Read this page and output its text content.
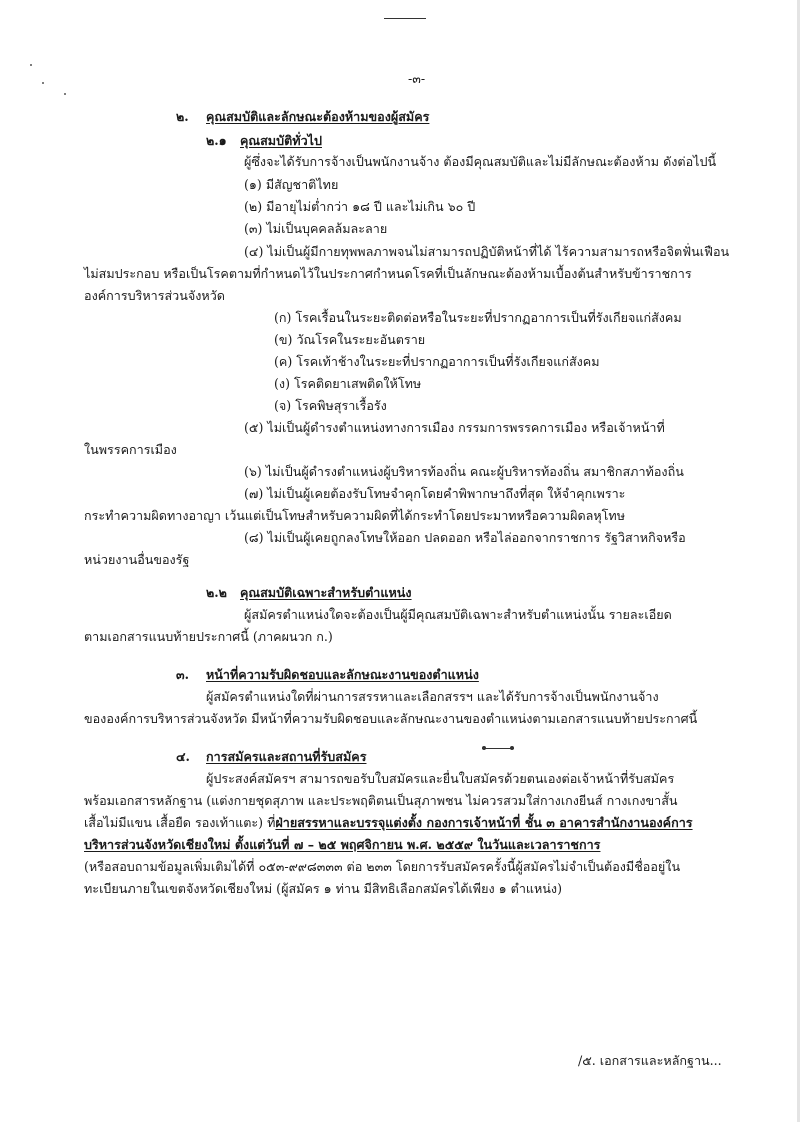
-๓-
๒. คุณสมบัติและลักษณะต้องห้ามของผู้สมัคร
๒.๑ คุณสมบัติทั่วไป
ผู้ซึ่งจะได้รับการจ้างเป็นพนักงานจ้าง ต้องมีคุณสมบัติและไม่มีลักษณะต้องห้าม ดังต่อไปนี้
(๑) มีสัญชาติไทย
(๒) มีอายุไม่ต่ำกว่า ๑๘ ปี และไม่เกิน ๖๐ ปี
(๓) ไม่เป็นบุคคลล้มละลาย
(๔) ไม่เป็นผู้มีกายทุพพลภาพจนไม่สามารถปฏิบัติหน้าที่ได้ ไร้ความสามารถหรือจิตฟั่นเฟือน
ไม่สมประกอบ หรือเป็นโรคตามที่กำหนดไว้ในประกาศกำหนดโรคที่เป็นลักษณะต้องห้ามเบื้องต้นสำหรับข้าราชการ
องค์การบริหารส่วนจังหวัด
(ก) โรคเรื้อนในระยะติดต่อหรือในระยะที่ปรากฏอาการเป็นที่รังเกียจแก่สังคม
(ข) วัณโรคในระยะอันตราย
(ค) โรคเท้าช้างในระยะที่ปรากฏอาการเป็นที่รังเกียจแก่สังคม
(ง) โรคติดยาเสพติดให้โทษ
(จ) โรคพิษสุราเรื้อรัง
(๕) ไม่เป็นผู้ดำรงตำแหน่งทางการเมือง กรรมการพรรคการเมือง หรือเจ้าหน้าที่
ในพรรคการเมือง
(๖) ไม่เป็นผู้ดำรงตำแหน่งผู้บริหารท้องถิ่น คณะผู้บริหารท้องถิ่น สมาชิกสภาท้องถิ่น
(๗) ไม่เป็นผู้เคยต้องรับโทษจำคุกโดยคำพิพากษาถึงที่สุด ให้จำคุกเพราะ
กระทำความผิดทางอาญา เว้นแต่เป็นโทษสำหรับความผิดที่ได้กระทำโดยประมาทหรือความผิดลหุโทษ
(๘) ไม่เป็นผู้เคยถูกลงโทษให้ออก ปลดออก หรือไล่ออกจากราชการ รัฐวิสาหกิจหรือ
หน่วยงานอื่นของรัฐ
๒.๒ คุณสมบัติเฉพาะสำหรับตำแหน่ง
ผู้สมัครตำแหน่งใดจะต้องเป็นผู้มีคุณสมบัติเฉพาะสำหรับตำแหน่งนั้น รายละเอียด
ตามเอกสารแนบท้ายประกาศนี้ (ภาคผนวก ก.)
๓. หน้าที่ความรับผิดชอบและลักษณะงานของตำแหน่ง
ผู้สมัครตำแหน่งใดที่ผ่านการสรรหาและเลือกสรรฯ และได้รับการจ้างเป็นพนักงานจ้าง
ขององค์การบริหารส่วนจังหวัด มีหน้าที่ความรับผิดชอบและลักษณะงานของตำแหน่งตามเอกสารแนบท้ายประกาศนี้
๔. การสมัครและสถานที่รับสมัคร
ผู้ประสงค์สมัครฯ สามารถขอรับใบสมัครและยื่นใบสมัครด้วยตนเองต่อเจ้าหน้าที่รับสมัคร
พร้อมเอกสารหลักฐาน (แต่งกายชุดสุภาพ และประพฤติตนเป็นสุภาพชน ไม่ควรสวมใส่กางเกงยีนส์ กางเกงขาสั้น
เสื้อไม่มีแขน เสื้อยืด รองเท้าแตะ) ที่ฝ่ายสรรหาและบรรจุแต่งตั้ง กองการเจ้าหน้าที่ ชั้น ๓ อาคารสำนักงานองค์การ
บริหารส่วนจังหวัดเชียงใหม่ ตั้งแต่วันที่ ๗ – ๒๕ พฤศจิกายน พ.ศ. ๒๕๕๙ ในวันและเวลาราชการ
(หรือสอบถามข้อมูลเพิ่มเติมได้ที่ ๐๕๓-๙๙๘๓๓๓ ต่อ ๒๓๓ โดยการรับสมัครครั้งนี้ผู้สมัครไม่จำเป็นต้องมีชื่ออยู่ใน
ทะเบียนภายในเขตจังหวัดเชียงใหม่ (ผู้สมัคร ๑ ท่าน มีสิทธิเลือกสมัครได้เพียง ๑ ตำแหน่ง)
/๕. เอกสารและหลักฐาน...
